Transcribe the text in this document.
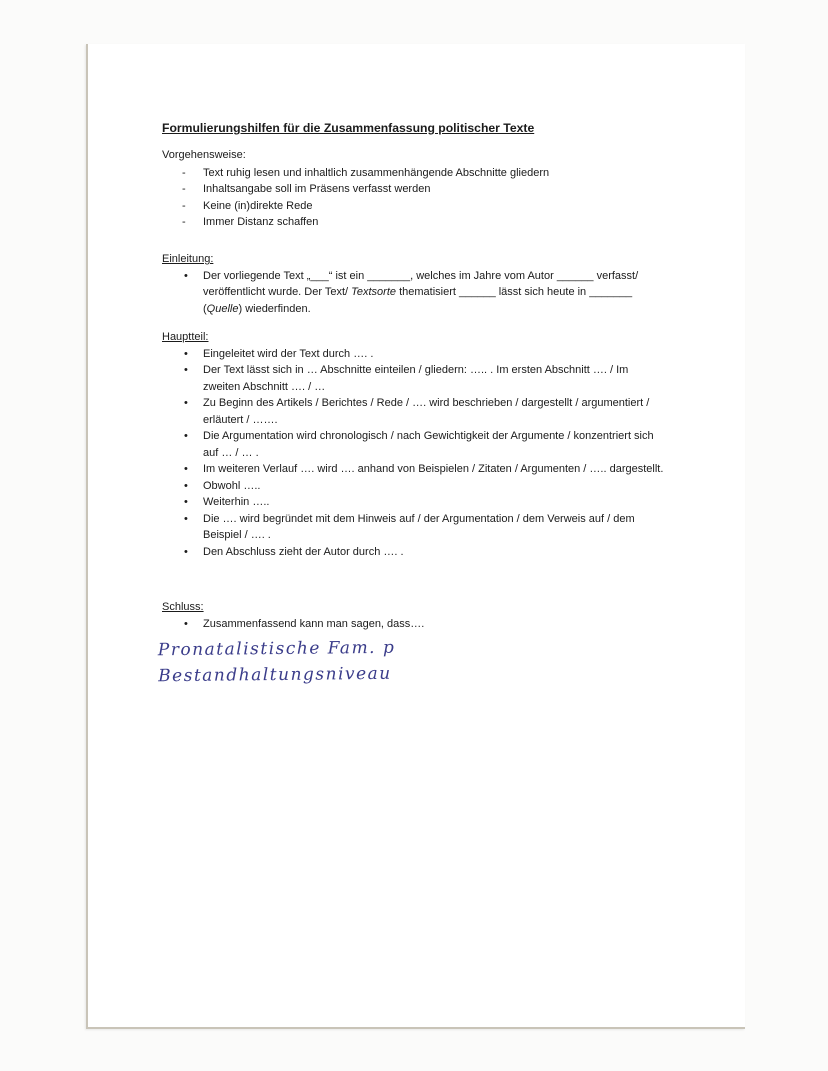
Formulierungshilfen für die Zusammenfassung politischer Texte
Vorgehensweise:
- Text ruhig lesen und inhaltlich zusammenhängende Abschnitte gliedern
- Inhaltsangabe soll im Präsens verfasst werden
- Keine (in)direkte Rede
- Immer Distanz schaffen
Einleitung:
• Der vorliegende Text „___“ ist ein _______, welches im Jahre vom Autor ______ verfasst/ veröffentlicht wurde. Der Text/ Textsorte thematisiert ______ lässt sich heute in _______ (Quelle) wiederfinden.
Hauptteil:
• Eingeleitet wird der Text durch …. .
• Der Text lässt sich in … Abschnitte einteilen / gliedern: ….. . Im ersten Abschnitt …. / Im zweiten Abschnitt …. / …
• Zu Beginn des Artikels / Berichtes / Rede / …. wird beschrieben / dargestellt / argumentiert / erläutert / …….
• Die Argumentation wird chronologisch / nach Gewichtigkeit der Argumente / konzentriert sich auf … / … .
• Im weiteren Verlauf …. wird …. anhand von Beispielen / Zitaten / Argumenten / ….. dargestellt.
• Obwohl …..
• Weiterhin …..
• Die …. wird begründet mit dem Hinweis auf / der Argumentation / dem Verweis auf / dem Beispiel / …. .
• Den Abschluss zieht der Autor durch …. .
Schluss:
• Zusammenfassend kann man sagen, dass….
Pronatalistische Fam. p
Bestandhaltungsniveau
